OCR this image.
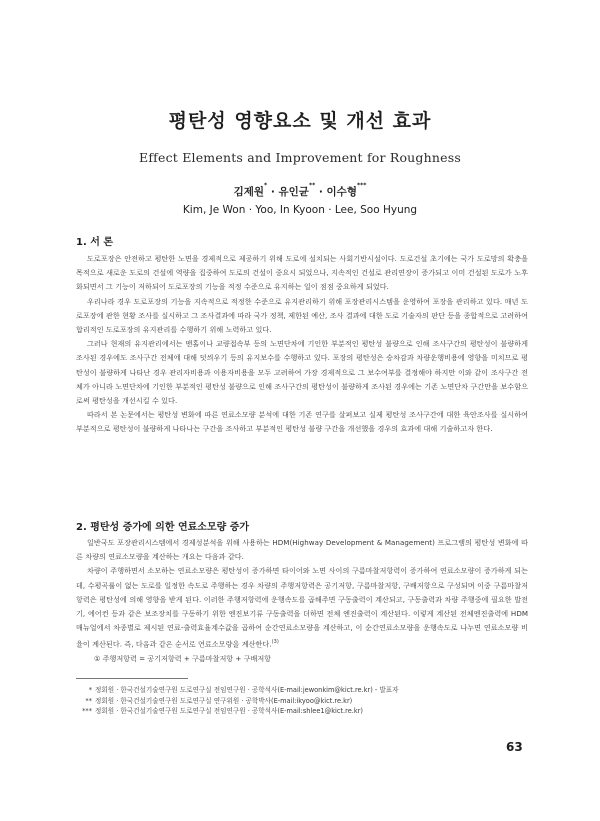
평탄성 영향요소 및 개선 효과
Effect Elements and Improvement for Roughness
김제원* · 유인균** · 이수형***
Kim, Je Won · Yoo, In Kyoon · Lee, Soo Hyung
1. 서 론

도로포장은 안전하고 평탄한 노면을 경제적으로 제공하기 위해 도로에 설치되는 사회기반시설이다. 도로건설 초기에는 국가 도로망의 확충을 목적으로 새로운 도로의 건설에 역량을 집중하여 도로의 건설이 중요시 되었으나, 지속적인 건설로 관리연장이 증가되고 이미 건설된 도로가 노후화되면서 그 기능이 저하되어 도로포장의 기능을 적정 수준으로 유지하는 일이 점점 중요하게 되었다.

우리나라 경우 도로포장의 기능을 지속적으로 적정한 수준으로 유지관리하기 위해 포장관리시스템을 운영하여 포장을 관리하고 있다. 매년 도로포장에 관한 현황 조사를 실시하고 그 조사결과에 따라 국가 정책, 제한된 예산, 조사 결과에 대한 도로 기술자의 판단 등을 종합적으로 고려하여 합리적인 도로포장의 유지관리를 수행하기 위해 노력하고 있다.

그러나 현재의 유지관리에서는 맨홀이나 교량접속부 등의 노면단차에 기인한 부분적인 평탄성 불량으로 인해 조사구간의 평탄성이 불량하게 조사된 경우에도 조사구간 전체에 대해 덧씌우기 등의 유지보수를 수행하고 있다. 포장의 평탄성은 승차감과 차량운행비용에 영향을 미치므로 평탄성이 불량하게 나타난 경우 관리자비용과 이용자비용을 모두 고려하여 가장 경제적으로 그 보수여부를 결정해야 하지만 이와 같이 조사구간 전체가 아니라 노면단차에 기인한 부분적인 평탄성 불량으로 인해 조사구간의 평탄성이 불량하게 조사된 경우에는 기존 노면단차 구간만을 보수함으로써 평탄성을 개선시킬 수 있다.

따라서 본 논문에서는 평탄성 변화에 따른 연료소모량 분석에 대한 기존 연구를 살펴보고 실제 평탄성 조사구간에 대한 육안조사를 실시하여 부분적으로 평탄성이 불량하게 나타나는 구간을 조사하고 부분적인 평탄성 불량 구간을 개선했을 경우의 효과에 대해 기술하고자 한다.

2. 평탄성 증가에 의한 연료소모량 증가

일반국도 포장관리시스템에서 경제성분석을 위해 사용하는 HDM(Highway Development & Management) 프로그램의 평탄성 변화에 따른 차량의 연료소모량을 계산하는 개요는 다음과 같다.

차량이 주행하면서 소모하는 연료소모량은 평탄성이 증가하면 타이어와 노면 사이의 구름마찰저항력이 증가하여 연료소모량이 증가하게 되는데, 수평곡률이 없는 도로를 일정한 속도로 주행하는 경우 차량의 주행저항력은 공기저항, 구름마찰저항, 구배저항으로 구성되며 이중 구름마찰저항력은 평탄성에 의해 영향을 받게 된다. 이러한 주행저항력에 운행속도를 곱해주면 구동출력이 계산되고, 구동출력과 차량 주행중에 필요한 발전기, 에어컨 등과 같은 보조장치를 구동하기 위한 엔진보기류 구동출력을 더하면 전체 엔진출력이 계산된다. 이렇게 계산된 전체엔진출력에 HDM 매뉴얼에서 차종별로 제시된 연료-출력효율계수값을 곱하여 순간연료소모량을 계산하고, 이 순간연료소모량을 운행속도로 나누면 연료소모량 비율이 계산된다. 즉, 다음과 같은 순서로 연료소모량을 계산한다.$^{(3)}$

① 주행저항력 = 공기저항력 + 구름마찰저항 + 구배저항
* 정회원 · 한국건설기술연구원 도로연구실 전임연구원 · 공학석사(E-mail:jewonkim@kict.re.kr) - 발표자
** 정회원 · 한국건설기술연구원 도로연구실 연구위원 · 공학박사(E-mail:ikyoo@kict.re.kr)
*** 정회원 · 한국건설기술연구원 도로연구실 전임연구원 · 공학석사(E-mail:shlee1@kict.re.kr)
63
